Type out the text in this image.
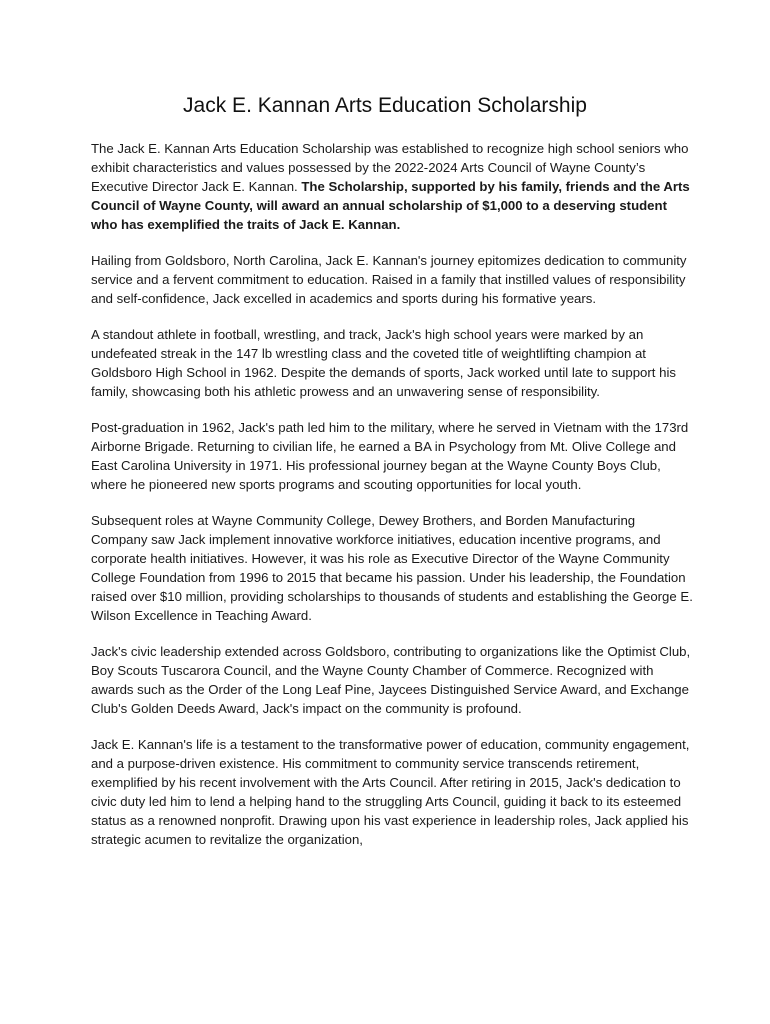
Jack E. Kannan Arts Education Scholarship

The Jack E. Kannan Arts Education Scholarship was established to recognize high school seniors who exhibit characteristics and values possessed by the 2022-2024 Arts Council of Wayne County’s Executive Director Jack E. Kannan. The Scholarship, supported by his family, friends and the Arts Council of Wayne County, will award an annual scholarship of $1,000 to a deserving student who has exemplified the traits of Jack E. Kannan.

Hailing from Goldsboro, North Carolina, Jack E. Kannan's journey epitomizes dedication to community service and a fervent commitment to education. Raised in a family that instilled values of responsibility and self-confidence, Jack excelled in academics and sports during his formative years.

A standout athlete in football, wrestling, and track, Jack's high school years were marked by an undefeated streak in the 147 lb wrestling class and the coveted title of weightlifting champion at Goldsboro High School in 1962. Despite the demands of sports, Jack worked until late to support his family, showcasing both his athletic prowess and an unwavering sense of responsibility.

Post-graduation in 1962, Jack's path led him to the military, where he served in Vietnam with the 173rd Airborne Brigade. Returning to civilian life, he earned a BA in Psychology from Mt. Olive College and East Carolina University in 1971. His professional journey began at the Wayne County Boys Club, where he pioneered new sports programs and scouting opportunities for local youth.

Subsequent roles at Wayne Community College, Dewey Brothers, and Borden Manufacturing Company saw Jack implement innovative workforce initiatives, education incentive programs, and corporate health initiatives. However, it was his role as Executive Director of the Wayne Community College Foundation from 1996 to 2015 that became his passion. Under his leadership, the Foundation raised over $10 million, providing scholarships to thousands of students and establishing the George E. Wilson Excellence in Teaching Award.

Jack's civic leadership extended across Goldsboro, contributing to organizations like the Optimist Club, Boy Scouts Tuscarora Council, and the Wayne County Chamber of Commerce. Recognized with awards such as the Order of the Long Leaf Pine, Jaycees Distinguished Service Award, and Exchange Club's Golden Deeds Award, Jack's impact on the community is profound.

Jack E. Kannan's life is a testament to the transformative power of education, community engagement, and a purpose-driven existence. His commitment to community service transcends retirement, exemplified by his recent involvement with the Arts Council. After retiring in 2015, Jack's dedication to civic duty led him to lend a helping hand to the struggling Arts Council, guiding it back to its esteemed status as a renowned nonprofit. Drawing upon his vast experience in leadership roles, Jack applied his strategic acumen to revitalize the organization,
